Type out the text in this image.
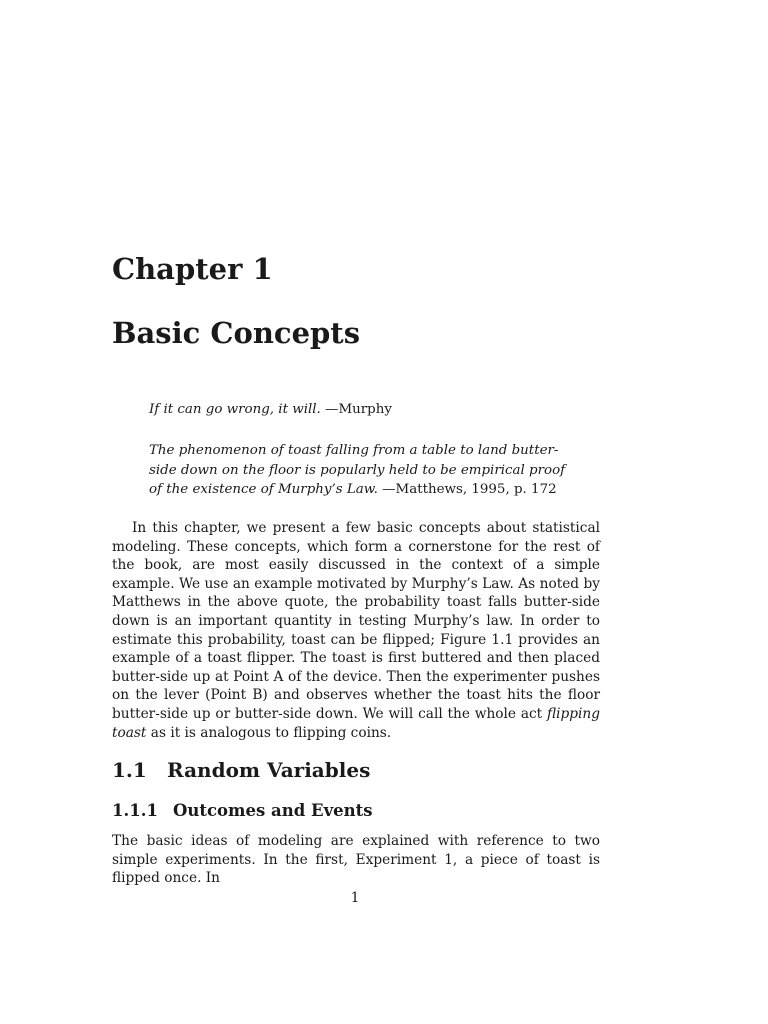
Chapter 1
Basic Concepts

If it can go wrong, it will. —Murphy

The phenomenon of toast falling from a table to land butter-side down on the floor is popularly held to be empirical proof of the existence of Murphy’s Law. —Matthews, 1995, p. 172

In this chapter, we present a few basic concepts about statistical modeling. These concepts, which form a cornerstone for the rest of the book, are most easily discussed in the context of a simple example. We use an example motivated by Murphy’s Law. As noted by Matthews in the above quote, the probability toast falls butter-side down is an important quantity in testing Murphy’s law. In order to estimate this probability, toast can be flipped; Figure 1.1 provides an example of a toast flipper. The toast is first buttered and then placed butter-side up at Point A of the device. Then the experimenter pushes on the lever (Point B) and observes whether the toast hits the floor butter-side up or butter-side down. We will call the whole act flipping toast as it is analogous to flipping coins.

1.1 Random Variables
1.1.1 Outcomes and Events

The basic ideas of modeling are explained with reference to two simple experiments. In the first, Experiment 1, a piece of toast is flipped once. In

1
